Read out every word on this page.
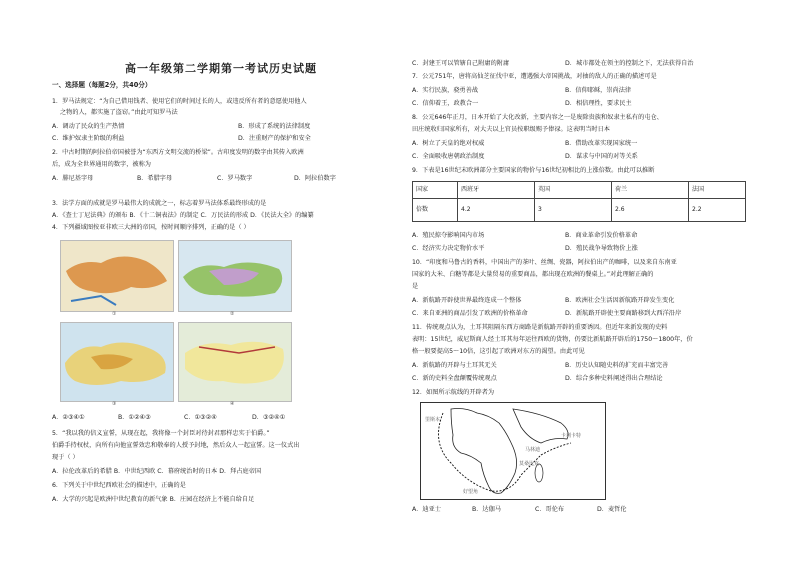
高一年级第二学期第一考试历史试题
一、选择题（每题2分，共40分）
1．罗马法规定：“为自己借用钱者、使用它们的时间过长的人，或违反所有者的意愿使用他人
之物的人，都实施了盗窃。”由此可知罗马法
A．调动了民众的生产热情	B．形成了系统的法律制度
C．维护奴隶主阶级的利益	D．注重财产的保护和安全
2．中古时期的阿拉伯帝国被誉为“东西方文明交流的桥梁”。古印度发明的数字由其传入欧洲
后，成为全世界通用的数字，被称为
A．腓尼基字母	B．希腊字母	C．罗马数字	D．阿拉伯数字
3．法学方面的成就是罗马最伟大的成就之一，标志着罗马法体系最终形成的是
A．《查士丁尼法典》的颁布 B．《十二铜表法》的制定 C．万民法的形成 D．《民法大全》的编纂
4．下列疆域图按亚非欧三大洲的帝国，按时间顺序排列，正确的是（ ）
①	②
③	④
A．②③④①	B．①②④③	C．①③②④	D．③②④①
5．“我以我的信义宣誓，从现在起，我将像一个封臣对待封君那样忠实于伯爵。”
伯爵手持权杖，向所有向他宣誓效忠和敬奉的人授予封地，然后众人一起宣誓。这一仪式出
现于（ ）
A．拉伦改革后的希腊 B．中世纪西欧 C．幕府统治时的日本 D．拜占庭帝国
6．下列关于中世纪西欧社会的描述中，正确的是
A．大学的兴起是欧洲中世纪教育的新气象 B．庄园在经济上不能自给自足
C．封建王可以管辖自己附庸的附庸	D．城市都处在领主的控制之下，无法获得自治
7．公元751年，唐将高仙芝征伐中亚，遭遇强大帝国挑战，对抽的敌人的正确的描述可是
A．实行民族，骁勇善战	B．信仰耶稣，崇尚法律
C．信仰着王，政教合一	D．相信理性，要求民主
8．公元646年正月，日本开始了大化改新，主要内容之一是废除贵族和奴隶主私有的屯仓、
田庄统收归国家所有，对大夫以上官员按职级赐予俸禄。这表明当时日本
A．树立了天皇的绝对权威	B．借助改革实现国家统一
C．全面吸收唐朝政治制度	D．谋求与中国的对等关系
9．下表是16世纪末欧洲部分主要国家的物价与16世纪初相比的上涨倍数。由此可以推断
国家	西班牙	英国	荷兰	法国
倍数	4.2	3	2.6	2.2
A．殖民掠夺影响国内市场	B．商业革命引发价格革命
C．经济实力决定物价水平	D．殖民战争导致物价上涨
10．“印度和马鲁古的香料，中国出产的茶叶、丝绸、瓷器，阿拉伯出产的咖啡，以及来自东南亚
国家的大米、白糖等都是大量贸易的重要商品，都出现在欧洲的餐桌上。”对此理解正确的
是
A．新航路开辟使世界最终连成一个整体	B．欧洲社会生活因新航路开辟发生变化
C．来自亚洲的商品引发了欧洲的价格革命	D．新航路开辟使主要商路移到大西洋沿岸
11．传统观点认为，土耳其阻隔东西方商路是新航路开辟的重要诱因。但近年来新发现的史料
表明：15世纪，威尼斯商人经土耳其每年运往西欧的货物，仍要比新航路开辟后的1750～1800年，价
格一般要提高5～10倍，这引起了欧洲对东方的渴望。由此可见
A．新航路的开辟与土耳其无关	B．历史认知随史料的扩充而丰富完善
C．新的史料全盘颠覆传统观点	D．综合多种史料阐述得出合理结论
12．如图所示航线的开辟者为
里斯本
好望角
莫桑比克
马林迪
卡利卡特
A．迪亚士	B．达伽马	C．哥伦布	D．麦哲伦
